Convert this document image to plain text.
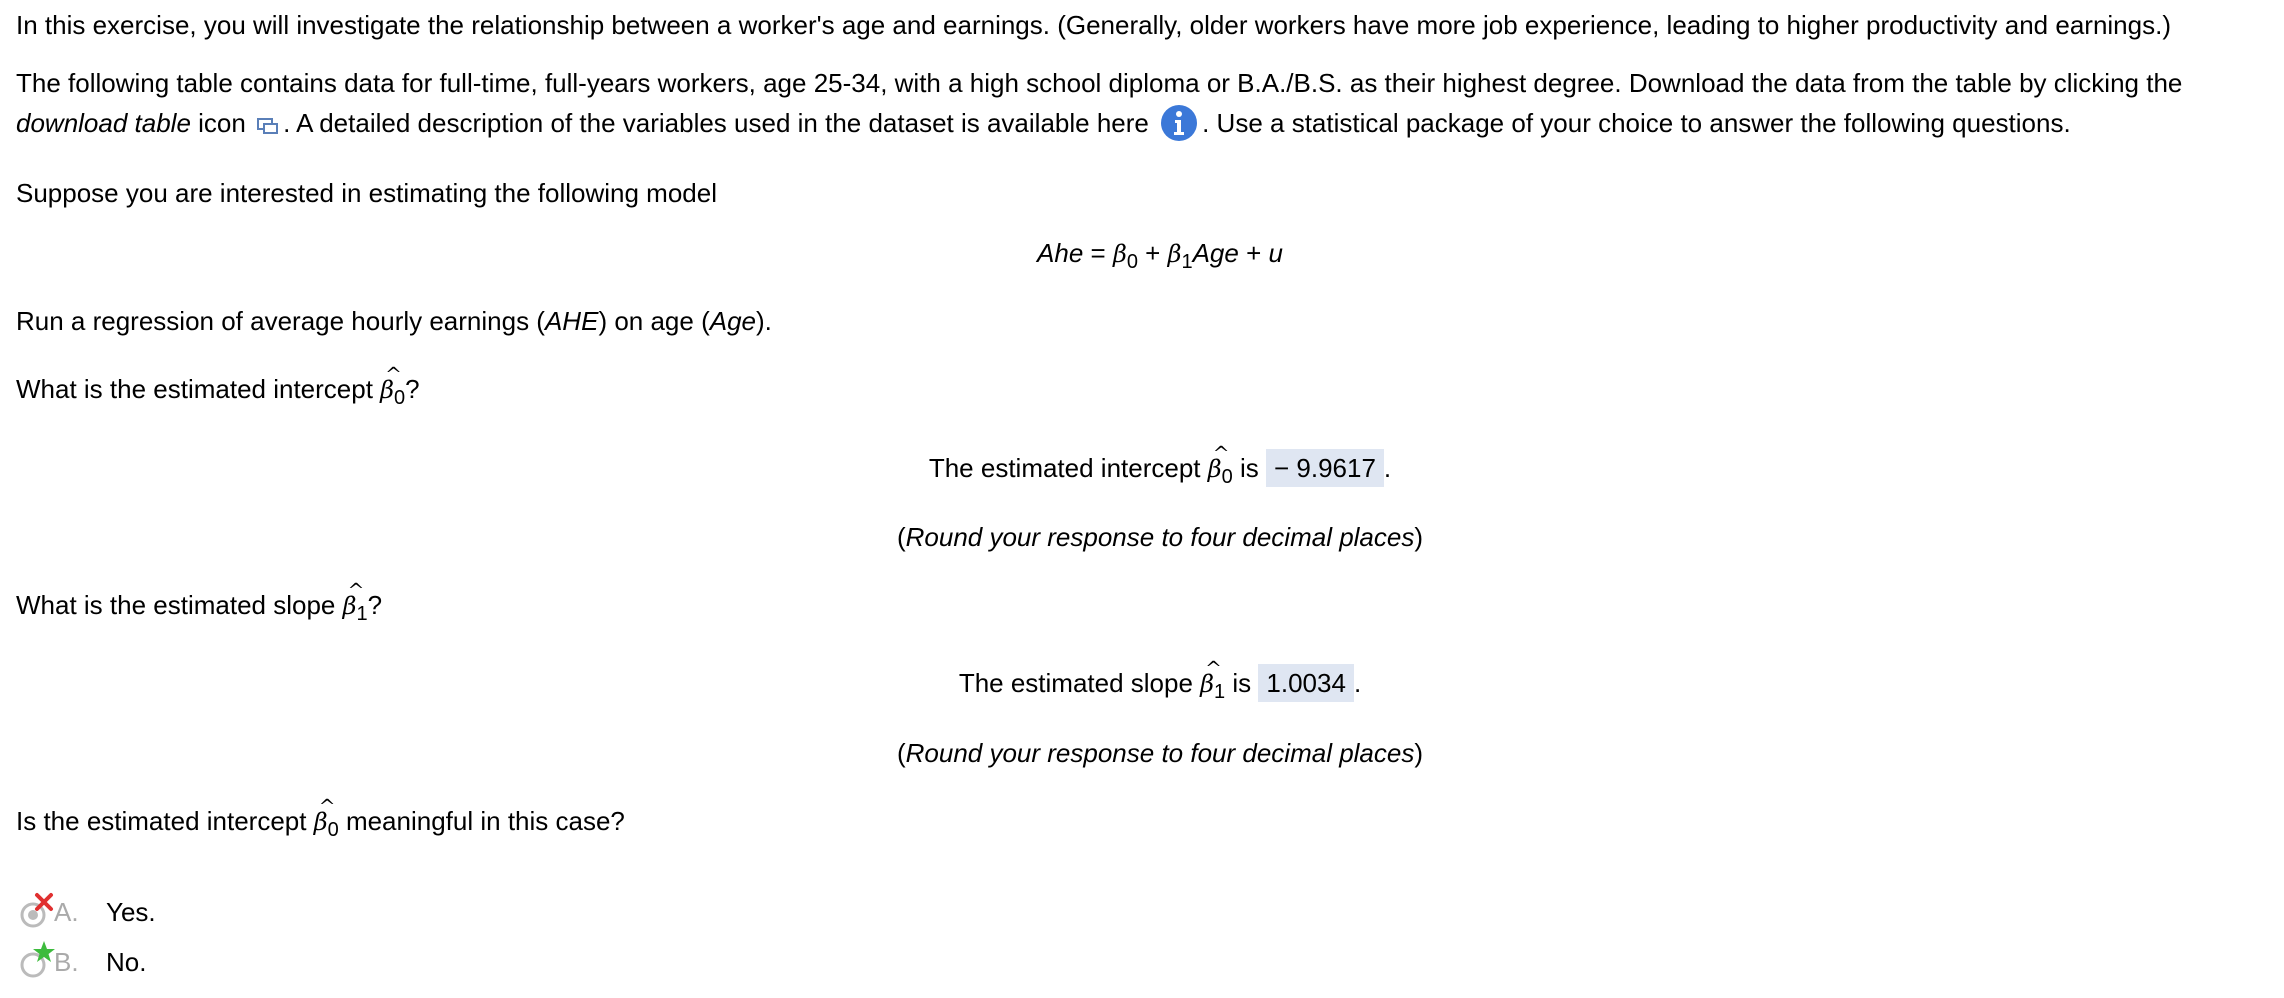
In this exercise, you will investigate the relationship between a worker's age and earnings. (Generally, older workers have more job experience, leading to higher productivity and earnings.)
The following table contains data for full-time, full-years workers, age 25-34, with a high school diploma or B.A./B.S. as their highest degree. Download the data from the table by clicking the
download table icon . A detailed description of the variables used in the dataset is available here . Use a statistical package of your choice to answer the following questions.
Suppose you are interested in estimating the following model
Ahe = $\beta_0 + \beta_1Age + u$
Run a regression of average hourly earnings (AHE) on age (Age).
What is the estimated intercept ^ $\beta_0$?
The estimated intercept ^ $\beta_0$ is − 9.9617 .
(Round your response to four decimal places)
What is the estimated slope ^ $\beta_1$?
The estimated slope ^ $\beta_1$ is 1.0034 .
(Round your response to four decimal places)
Is the estimated intercept ^ $\beta_0$ meaningful in this case?
A.	Yes.
B.	No.
